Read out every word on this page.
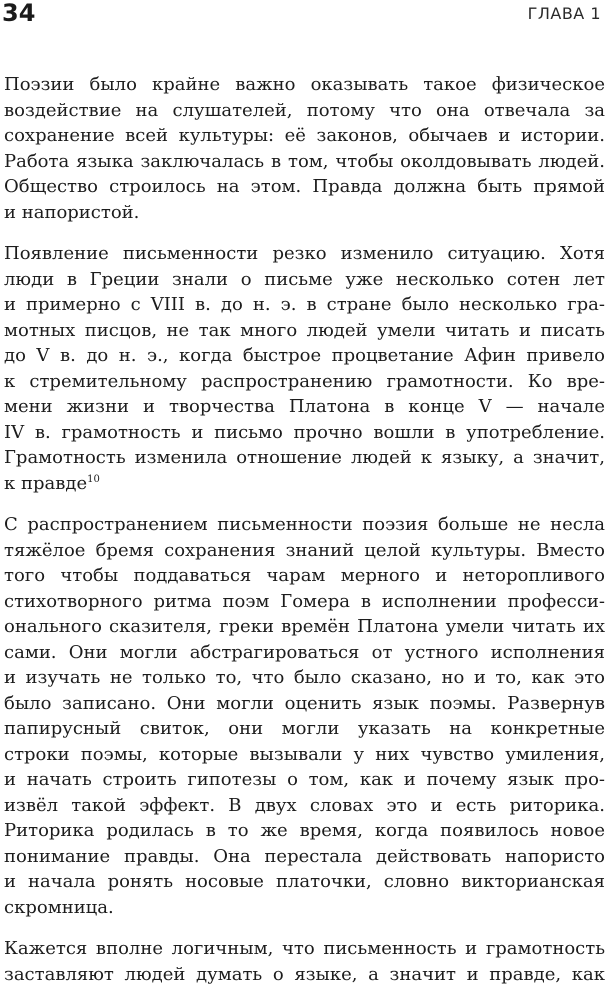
34	ГЛАВА 1
Поэзии было крайне важно оказывать такое физическое
воздействие на слушателей, потому что она отвечала за
сохранение всей культуры: её законов, обычаев и истории.
Работа языка заключалась в том, чтобы околдовывать людей.
Общество строилось на этом. Правда должна быть прямой
и напористой.
Появление письменности резко изменило ситуацию. Хотя
люди в Греции знали о письме уже несколько сотен лет
и примерно с VIII в. до н. э. в стране было несколько гра-
мотных писцов, не так много людей умели читать и писать
до V в. до н. э., когда быстрое процветание Афин привело
к стремительному распространению грамотности. Ко вре-
мени жизни и творчества Платона в конце V — начале
IV в. грамотность и письмо прочно вошли в употребление.
Грамотность изменила отношение людей к языку, а значит,
к правде$^{10}$
С распространением письменности поэзия больше не несла
тяжёлое бремя сохранения знаний целой культуры. Вместо
того чтобы поддаваться чарам мерного и неторопливого
стихотворного ритма поэм Гомера в исполнении професси-
онального сказителя, греки времён Платона умели читать их
сами. Они могли абстрагироваться от устного исполнения
и изучать не только то, что было сказано, но и то, как это
было записано. Они могли оценить язык поэмы. Развернув
папирусный свиток, они могли указать на конкретные
строки поэмы, которые вызывали у них чувство умиления,
и начать строить гипотезы о том, как и почему язык про-
извёл такой эффект. В двух словах это и есть риторика.
Риторика родилась в то же время, когда появилось новое
понимание правды. Она перестала действовать напористо
и начала ронять носовые платочки, словно викторианская
скромница.
Кажется вполне логичным, что письменность и грамотность
заставляют людей думать о языке, а значит и правде, как
